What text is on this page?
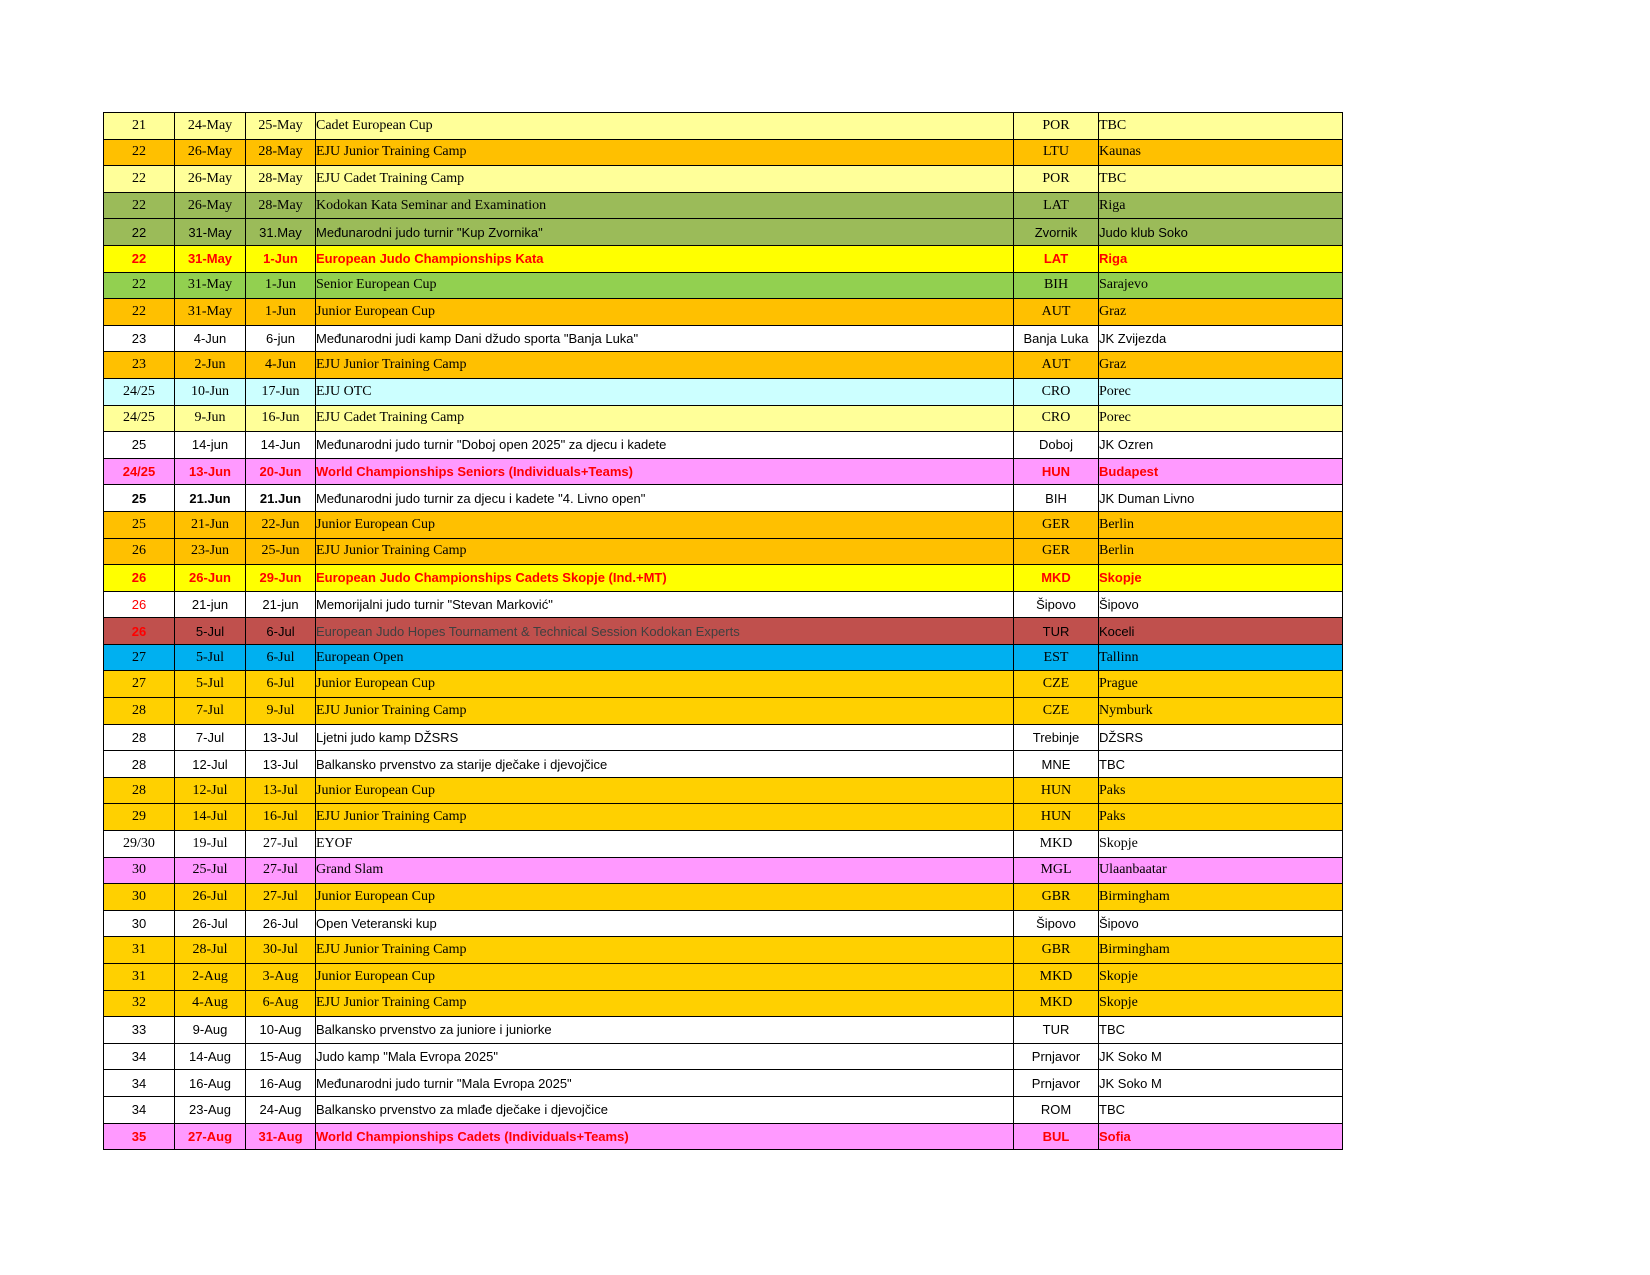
21	24-May	25-May	Cadet European Cup	POR	TBC
22	26-May	28-May	EJU Junior Training Camp	LTU	Kaunas
22	26-May	28-May	EJU Cadet Training Camp	POR	TBC
22	26-May	28-May	Kodokan Kata Seminar and Examination	LAT	Riga
22	31-May	31.May	Međunarodni judo turnir "Kup Zvornika"	Zvornik	Judo klub Soko
22	31-May	1-Jun	European Judo Championships Kata	LAT	Riga
22	31-May	1-Jun	Senior European Cup	BIH	Sarajevo
22	31-May	1-Jun	Junior European Cup	AUT	Graz
23	4-Jun	6-jun	Međunarodni judi kamp Dani džudo sporta "Banja Luka"	Banja Luka	JK Zvijezda
23	2-Jun	4-Jun	EJU Junior Training Camp	AUT	Graz
24/25	10-Jun	17-Jun	EJU OTC	CRO	Porec
24/25	9-Jun	16-Jun	EJU Cadet Training Camp	CRO	Porec
25	14-jun	14-Jun	Međunarodni judo turnir "Doboj open 2025" za djecu i kadete	Doboj	JK Ozren
24/25	13-Jun	20-Jun	World Championships Seniors (Individuals+Teams)	HUN	Budapest
25	21.Jun	21.Jun	Međunarodni judo turnir za djecu i kadete "4. Livno open"	BIH	JK Duman Livno
25	21-Jun	22-Jun	Junior European Cup	GER	Berlin
26	23-Jun	25-Jun	EJU Junior Training Camp	GER	Berlin
26	26-Jun	29-Jun	European Judo Championships Cadets Skopje (Ind.+MT)	MKD	Skopje
26	21-jun	21-jun	Memorijalni judo turnir "Stevan Marković"	Šipovo	Šipovo
26	5-Jul	6-Jul	European Judo Hopes Tournament & Technical Session Kodokan Experts	TUR	Koceli
27	5-Jul	6-Jul	European Open	EST	Tallinn
27	5-Jul	6-Jul	Junior European Cup	CZE	Prague
28	7-Jul	9-Jul	EJU Junior Training Camp	CZE	Nymburk
28	7-Jul	13-Jul	Ljetni judo kamp DŽSRS	Trebinje	DŽSRS
28	12-Jul	13-Jul	Balkansko prvenstvo za starije dječake i djevojčice	MNE	TBC
28	12-Jul	13-Jul	Junior European Cup	HUN	Paks
29	14-Jul	16-Jul	EJU Junior Training Camp	HUN	Paks
29/30	19-Jul	27-Jul	EYOF	MKD	Skopje
30	25-Jul	27-Jul	Grand Slam	MGL	Ulaanbaatar
30	26-Jul	27-Jul	Junior European Cup	GBR	Birmingham
30	26-Jul	26-Jul	Open Veteranski kup	Šipovo	Šipovo
31	28-Jul	30-Jul	EJU Junior Training Camp	GBR	Birmingham
31	2-Aug	3-Aug	Junior European Cup	MKD	Skopje
32	4-Aug	6-Aug	EJU Junior Training Camp	MKD	Skopje
33	9-Aug	10-Aug	Balkansko prvenstvo za juniore i juniorke	TUR	TBC
34	14-Aug	15-Aug	Judo kamp "Mala Evropa 2025"	Prnjavor	JK Soko M
34	16-Aug	16-Aug	Međunarodni judo turnir "Mala Evropa 2025"	Prnjavor	JK Soko M
34	23-Aug	24-Aug	Balkansko prvenstvo za mlađe dječake i djevojčice	ROM	TBC
35	27-Aug	31-Aug	World Championships Cadets (Individuals+Teams)	BUL	Sofia
